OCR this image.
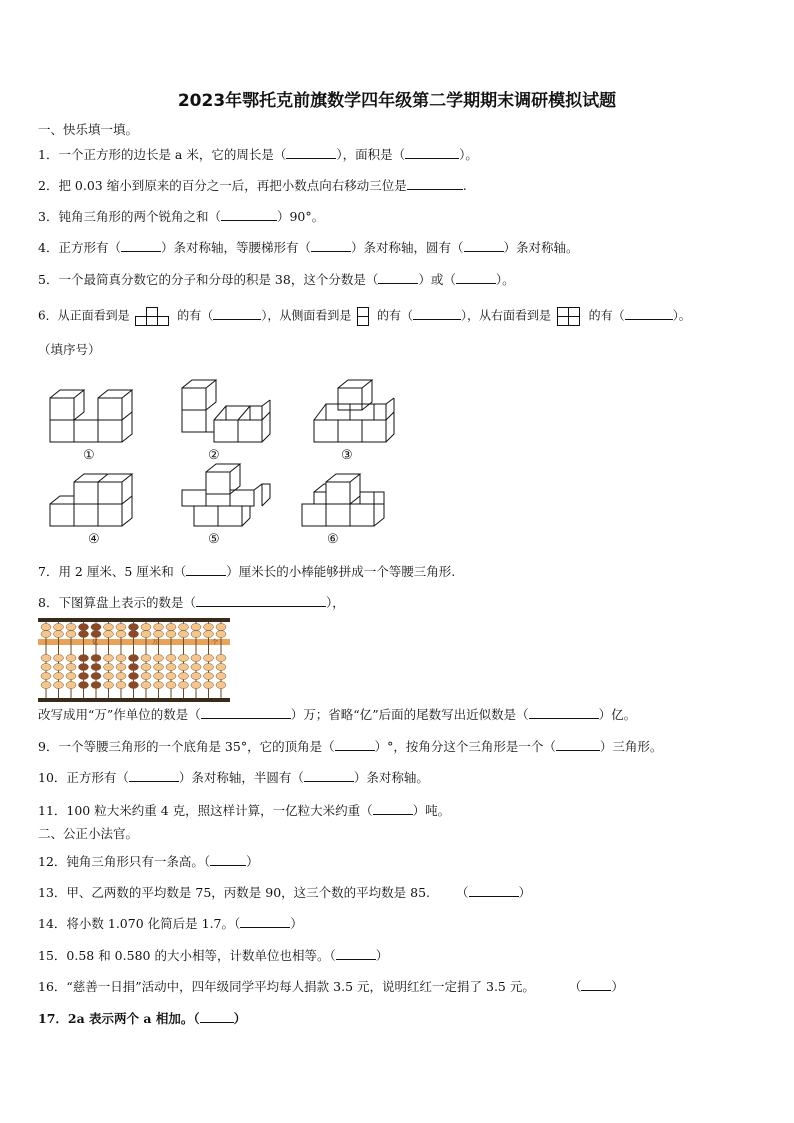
2023年鄂托克前旗数学四年级第二学期期末调研模拟试题
一、快乐填一填。
1．一个正方形的边长是 a 米，它的周长是（	），面积是（	）。
2．把 0.03 缩小到原来的百分之一后，再把小数点向右移动三位是	.
3．钝角三角形的两个锐角之和（	）90°。
4．正方形有（	）条对称轴，等腰梯形有（	）条对称轴，圆有（	）条对称轴。
5．一个最简真分数它的分子和分母的积是 38，这个分数是（	）或（	）。
6．从正面看到是	的有（	），从侧面看到是 的有（	），从右面看到是	的有（	）。
（填序号）
①	②	③
④	⑤	⑥
7．用 2 厘米、5 厘米和（	）厘米长的小棒能够拼成一个等腰三角形.
8．下图算盘上表示的数是（	），
亿	万	个
改写成用“万”作单位的数是（	）万；省略“亿”后面的尾数写出近似数是（	）亿。
9．一个等腰三角形的一个底角是 35°，它的顶角是（	）°，按角分这个三角形是一个（	）三角形。
10．正方形有（	）条对称轴，半圆有（	）条对称轴。
11．100 粒大米约重 4 克，照这样计算，一亿粒大米约重（	）吨。
二、公正小法官。
12．钝角三角形只有一条高。（	）
13．甲、乙两数的平均数是 75，丙数是 90，这三个数的平均数是 85. （	）
14．将小数 1.070 化简后是 1.7。（	）
15．0.58 和 0.580 的大小相等，计数单位也相等。（	）
16．“慈善一日捐”活动中，四年级同学平均每人捐款 3.5 元，说明红红一定捐了 3.5 元。	（ ）
17．2a 表示两个 a 相加。（	）
